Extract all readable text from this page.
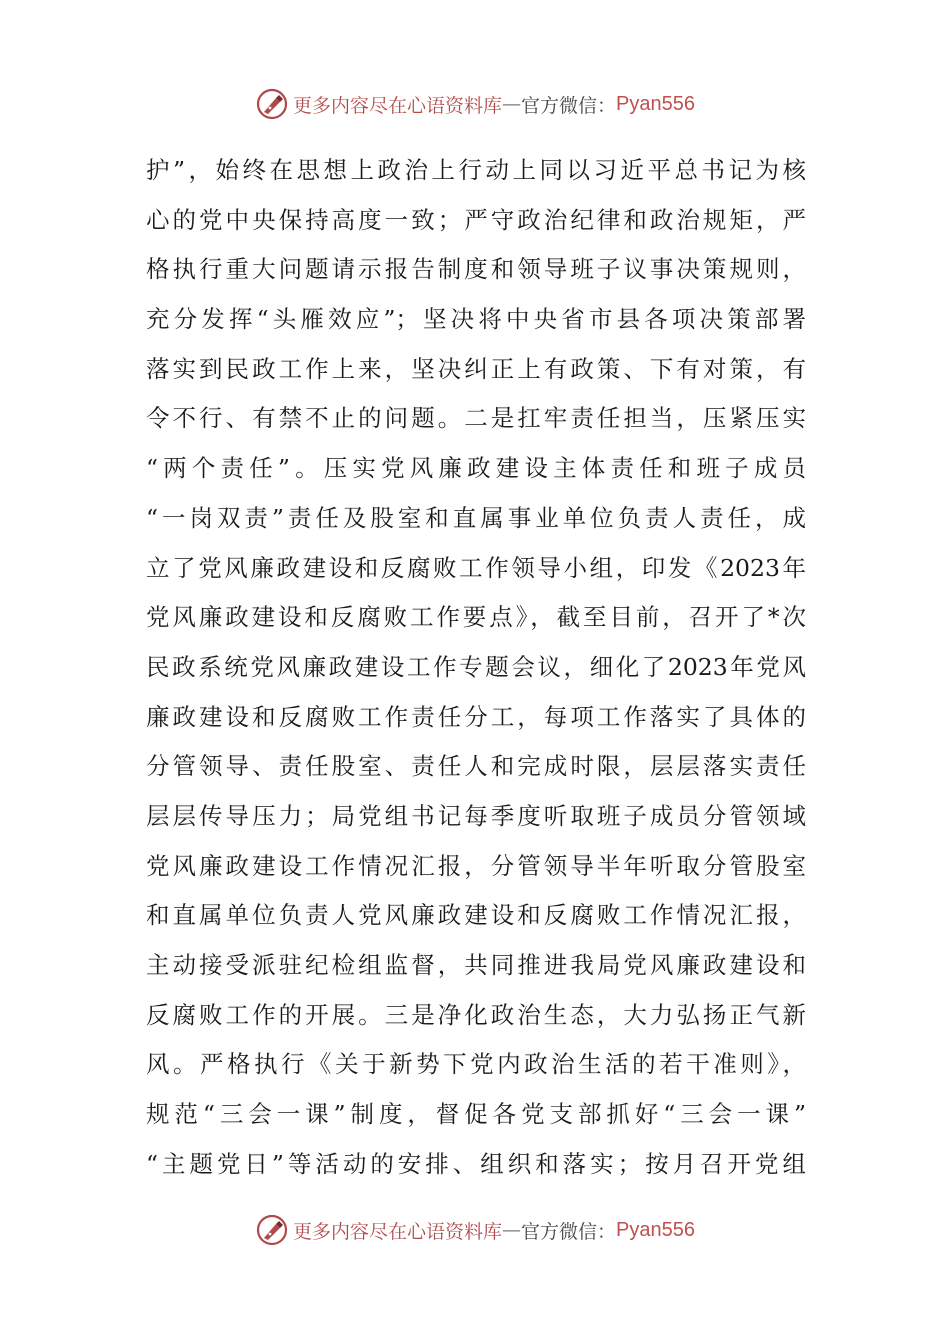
更多内容尽在心语资料库 — 官方微信： Pyan556
护”，始终在思想上政治上行动上同以习近平总书记为核
心的党中央保持高度一致；严守政治纪律和政治规矩，严
格执行重大问题请示报告制度和领导班子议事决策规则，
充分发挥“头雁效应”；坚决将中央省市县各项决策部署
落实到民政工作上来，坚决纠正上有政策、下有对策，有
令不行、有禁不止的问题。二是扛牢责任担当，压紧压实
“两个责任”。压实党风廉政建设主体责任和班子成员
“一岗双责”责任及股室和直属事业单位负责人责任，成
立了党风廉政建设和反腐败工作领导小组，印发《2023年
党风廉政建设和反腐败工作要点》，截至目前，召开了*次
民政系统党风廉政建设工作专题会议，细化了2023年党风
廉政建设和反腐败工作责任分工，每项工作落实了具体的
分管领导、责任股室、责任人和完成时限，层层落实责任
层层传导压力；局党组书记每季度听取班子成员分管领域
党风廉政建设工作情况汇报，分管领导半年听取分管股室
和直属单位负责人党风廉政建设和反腐败工作情况汇报，
主动接受派驻纪检组监督，共同推进我局党风廉政建设和
反腐败工作的开展。三是净化政治生态，大力弘扬正气新
风。严格执行《关于新势下党内政治生活的若干准则》，
规范“三会一课”制度，督促各党支部抓好“三会一课”
“主题党日”等活动的安排、组织和落实；按月召开党组
更多内容尽在心语资料库 — 官方微信： Pyan556
